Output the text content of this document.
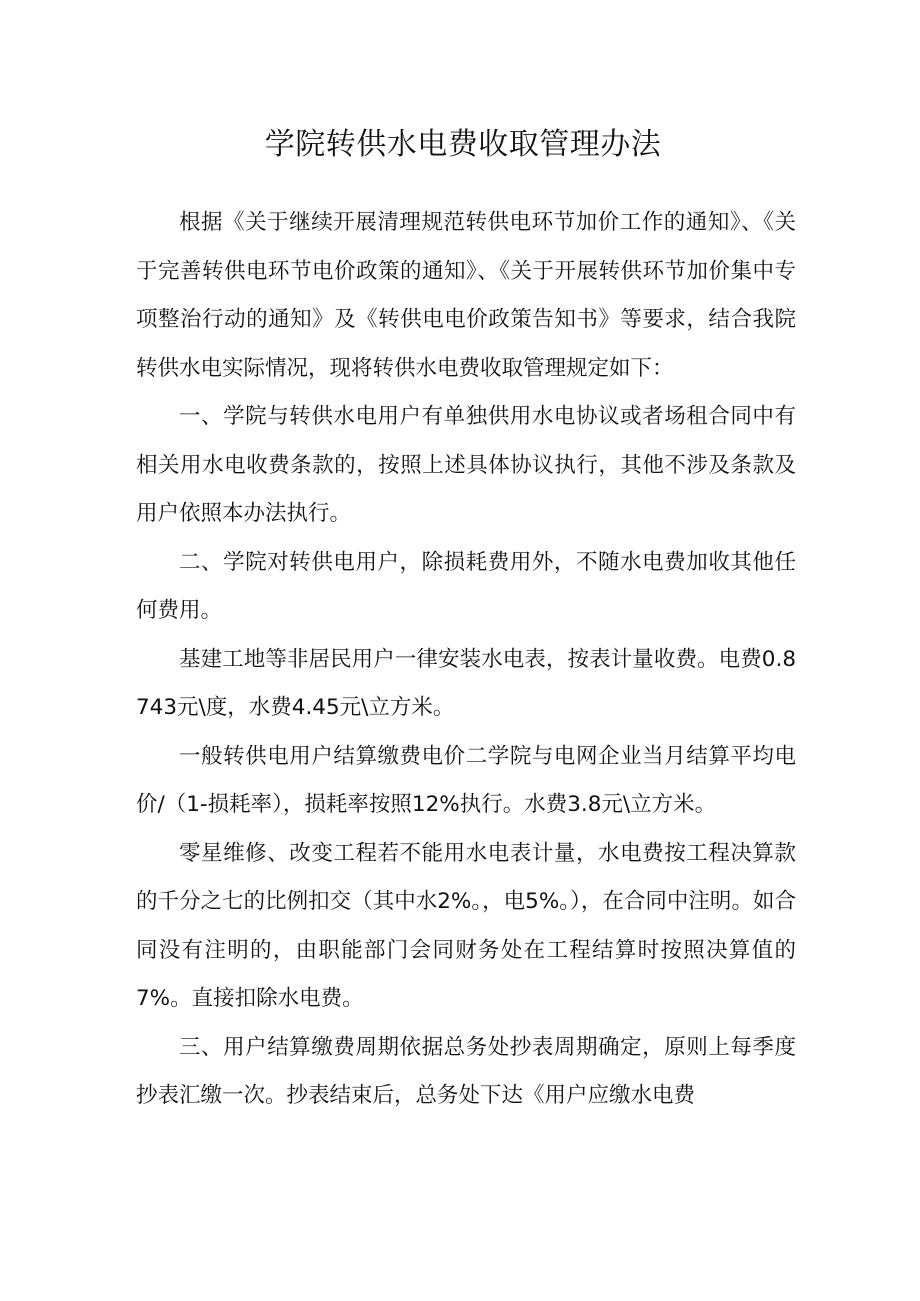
学院转供水电费收取管理办法

根据《关于继续开展清理规范转供电环节加价工作的通知》、《关于完善转供电环节电价政策的通知》、《关于开展转供环节加价集中专项整治行动的通知》及《转供电电价政策告知书》等要求，结合我院转供水电实际情况，现将转供水电费收取管理规定如下：

一、学院与转供水电用户有单独供用水电协议或者场租合同中有相关用水电收费条款的，按照上述具体协议执行，其他不涉及条款及用户依照本办法执行。

二、学院对转供电用户，除损耗费用外，不随水电费加收其他任何费用。

基建工地等非居民用户一律安装水电表，按表计量收费。电费0.8743元\度，水费4.45元\立方米。

一般转供电用户结算缴费电价二学院与电网企业当月结算平均电价/（1-损耗率），损耗率按照12%执行。水费3.8元\立方米。

零星维修、改变工程若不能用水电表计量，水电费按工程决算款的千分之七的比例扣交（其中水2%。，电5%。），在合同中注明。如合同没有注明的，由职能部门会同财务处在工程结算时按照决算值的7%。直接扣除水电费。

三、用户结算缴费周期依据总务处抄表周期确定，原则上每季度抄表汇缴一次。抄表结束后，总务处下达《用户应缴水电费
